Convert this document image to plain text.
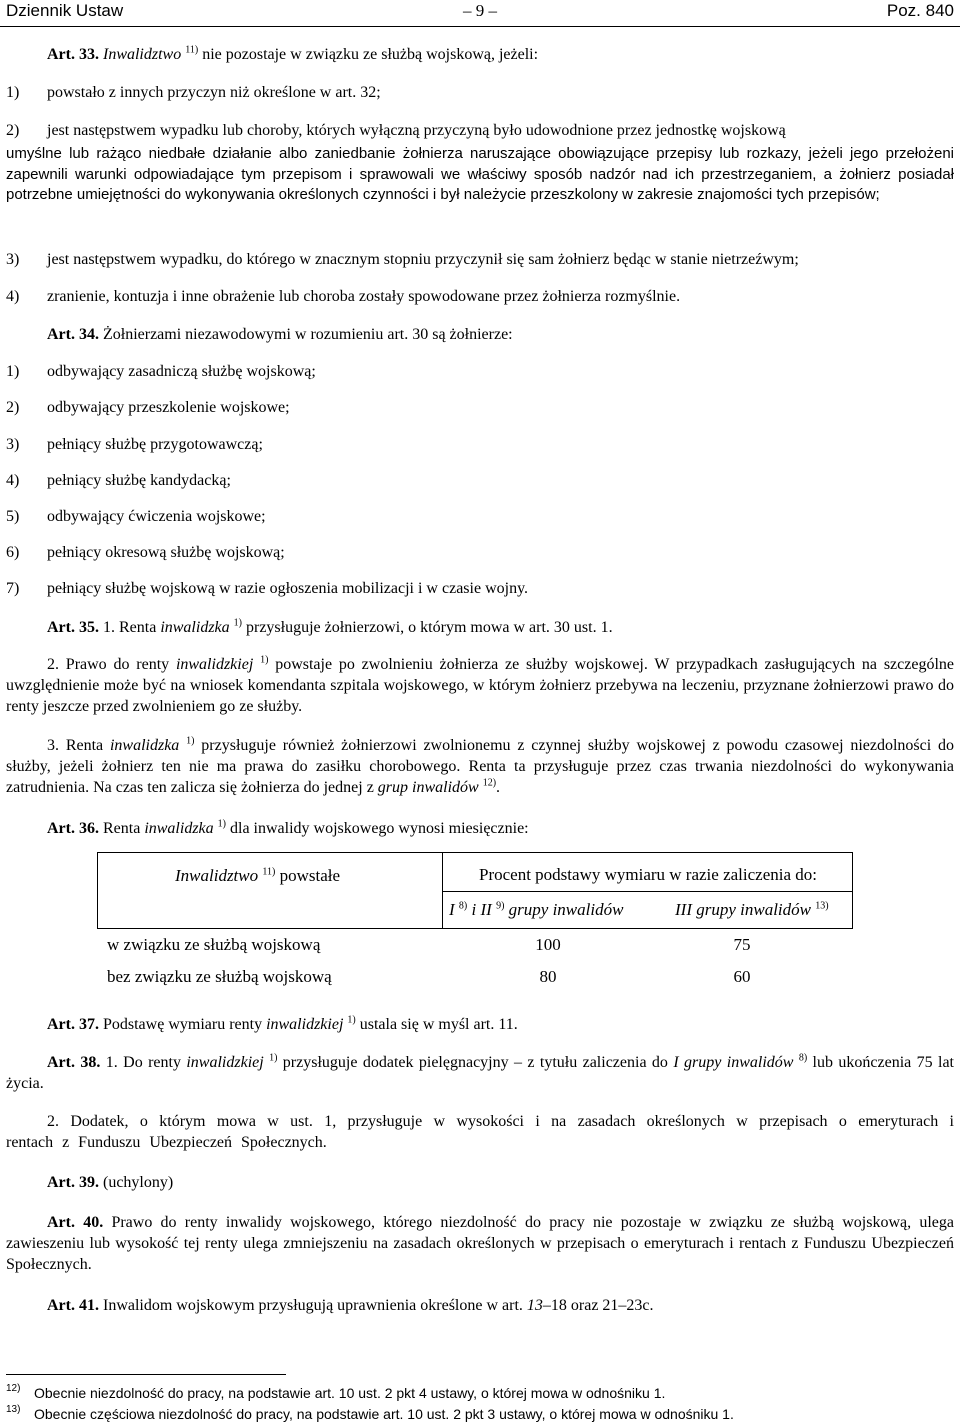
Dziennik Ustaw	– 9 –	Poz. 840
Art. 33. Inwalidztwo $^{11)}$ nie pozostaje w związku ze służbą wojskową, jeżeli:
1) powstało z innych przyczyn niż określone w art. 32;
2) jest następstwem wypadku lub choroby, których wyłączną przyczyną było udowodnione przez jednostkę wojskową
umyślne lub rażąco niedbałe działanie albo zaniedbanie żołnierza naruszające obowiązujące przepisy lub rozkazy, jeżeli jego przełożeni zapewnili warunki odpowiadające tym przepisom i sprawowali we właściwy sposób nadzór nad ich przestrzeganiem, a żołnierz posiadał potrzebne umiejętności do wykonywania określonych czynności i był należycie przeszkolony w zakresie znajomości tych przepisów;
3) jest następstwem wypadku, do którego w znacznym stopniu przyczynił się sam żołnierz będąc w stanie nietrzeźwym;
4) zranienie, kontuzja i inne obrażenie lub choroba zostały spowodowane przez żołnierza rozmyślnie.
Art. 34. Żołnierzami niezawodowymi w rozumieniu art. 30 są żołnierze:
1) odbywający zasadniczą służbę wojskową;
2) odbywający przeszkolenie wojskowe;
3) pełniący służbę przygotowawczą;
4) pełniący służbę kandydacką;
5) odbywający ćwiczenia wojskowe;
6) pełniący okresową służbę wojskową;
7) pełniący służbę wojskową w razie ogłoszenia mobilizacji i w czasie wojny.
Art. 35. 1. Renta inwalidzka $^{1)}$ przysługuje żołnierzowi, o którym mowa w art. 30 ust. 1.
2. Prawo do renty inwalidzkiej $^{1)}$ powstaje po zwolnieniu żołnierza ze służby wojskowej. W przypadkach zasługujących na szczególne uwzględnienie może być na wniosek komendanta szpitala wojskowego, w którym żołnierz przebywa na leczeniu, przyznane żołnierzowi prawo do renty jeszcze przed zwolnieniem go ze służby.
3. Renta inwalidzka $^{1)}$ przysługuje również żołnierzowi zwolnionemu z czynnej służby wojskowej z powodu czasowej niezdolności do służby, jeżeli żołnierz ten nie ma prawa do zasiłku chorobowego. Renta ta przysługuje przez czas trwania niezdolności do wykonywania zatrudnienia. Na czas ten zalicza się żołnierza do jednej z grup inwalidów $^{12)}$.
Art. 36. Renta inwalidzka $^{1)}$ dla inwalidy wojskowego wynosi miesięcznie:
Inwalidztwo $^{11)}$ powstałe	Procent podstawy wymiaru w razie zaliczenia do:
I $^{8)}$ i II $^{9)}$ grupy inwalidów	III grupy inwalidów $^{13)}$
w związku ze służbą wojskową	100	75
bez związku ze służbą wojskową	80	60
Art. 37. Podstawę wymiaru renty inwalidzkiej $^{1)}$ ustala się w myśl art. 11.
Art. 38. 1. Do renty inwalidzkiej $^{1)}$ przysługuje dodatek pielęgnacyjny – z tytułu zaliczenia do I grupy inwalidów $^{8)}$ lub ukończenia 75 lat życia.
2. Dodatek, o którym mowa w ust. 1, przysługuje w wysokości i na zasadach określonych w przepisach o emeryturach i rentach z Funduszu Ubezpieczeń Społecznych.
Art. 39. (uchylony)
Art. 40. Prawo do renty inwalidy wojskowego, którego niezdolność do pracy nie pozostaje w związku ze służbą wojskową, ulega zawieszeniu lub wysokość tej renty ulega zmniejszeniu na zasadach określonych w przepisach o emeryturach i rentach z Funduszu Ubezpieczeń Społecznych.
Art. 41. Inwalidom wojskowym przysługują uprawnienia określone w art. 13–18 oraz 21–23c.
12) Obecnie niezdolność do pracy, na podstawie art. 10 ust. 2 pkt 4 ustawy, o której mowa w odnośniku 1.
13) Obecnie częściowa niezdolność do pracy, na podstawie art. 10 ust. 2 pkt 3 ustawy, o której mowa w odnośniku 1.
